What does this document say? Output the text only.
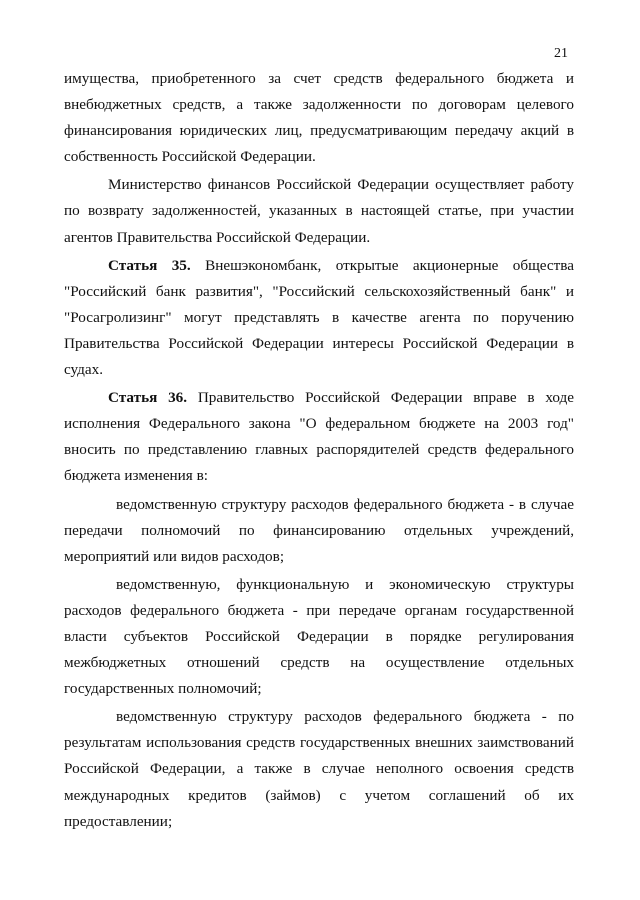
21

имущества, приобретенного за счет средств федерального бюджета и внебюджетных средств, а также задолженности по договорам целевого финансирования юридических лиц, предусматривающим передачу акций в собственность Российской Федерации.

Министерство финансов Российской Федерации осуществляет работу по возврату задолженностей, указанных в настоящей статье, при участии агентов Правительства Российской Федерации.

Статья 35. Внешэкономбанк, открытые акционерные общества "Российский банк развития", "Российский сельскохозяйственный банк" и "Росагролизинг" могут представлять в качестве агента по поручению Правительства Российской Федерации интересы Российской Федерации в судах.

Статья 36. Правительство Российской Федерации вправе в ходе исполнения Федерального закона "О федеральном бюджете на 2003 год" вносить по представлению главных распорядителей средств федерального бюджета изменения в:

ведомственную структуру расходов федерального бюджета - в случае передачи полномочий по финансированию отдельных учреждений, мероприятий или видов расходов;

ведомственную, функциональную и экономическую структуры расходов федерального бюджета - при передаче органам государственной власти субъектов Российской Федерации в порядке регулирования межбюджетных отношений средств на осуществление отдельных государственных полномочий;

ведомственную структуру расходов федерального бюджета - по результатам использования средств государственных внешних заимствований Российской Федерации, а также в случае неполного освоения средств международных кредитов (займов) с учетом соглашений об их предоставлении;
